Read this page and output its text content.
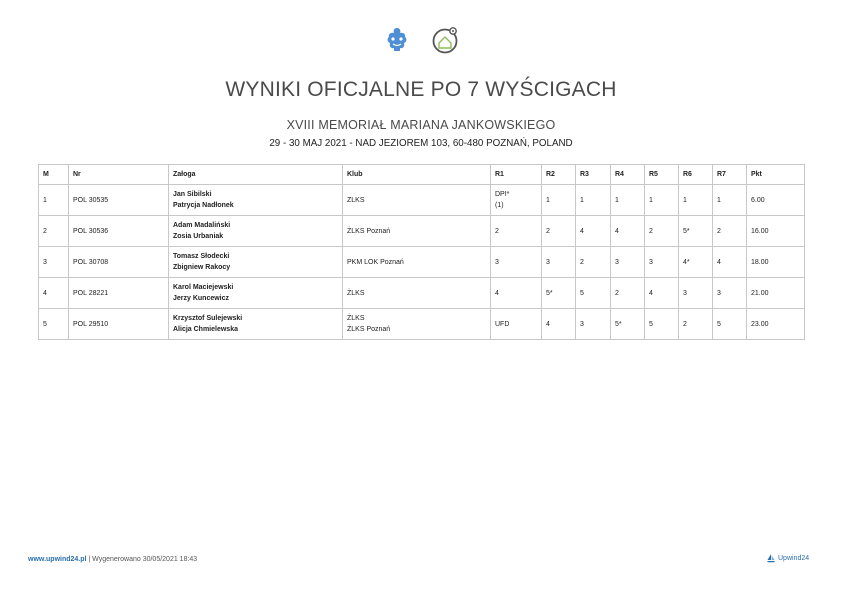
WYNIKI OFICJALNE PO 7 WYŚCIGACH
XVIII MEMORIAŁ MARIANA JANKOWSKIEGO
29 - 30 MAJ 2021 - NAD JEZIOREM 103, 60-480 POZNAŃ, POLAND
M	Nr	Załoga	Klub	R1	R2	R3	R4	R5	R6	R7	Pkt
1	POL 30535	Jan Sibilski
Patrycja Nadłonek	ZLKS	DPI*
(1)	1	1	1	1	1	1	6.00
2	POL 30536	Adam Madaliński
Zosia Urbaniak	ŻLKS Poznań	2	2	4	4	2	5*	2	16.00
3	POL 30708	Tomasz Słodecki
Zbigniew Rakocy	PKM LOK Poznań	3	3	2	3	3	4*	4	18.00
4	POL 28221	Karol Maciejewski
Jerzy Kuncewicz	ŻLKS	4	5*	5	2	4	3	3	21.00
5	POL 29510	Krzysztof Sulejewski
Alicja Chmielewska	ŻLKS
ŻLKS Poznań	UFD	4	3	5*	5	2	5	23.00
www.upwind24.pl | Wygenerowano 30/05/2021 18:43	Upwind24
